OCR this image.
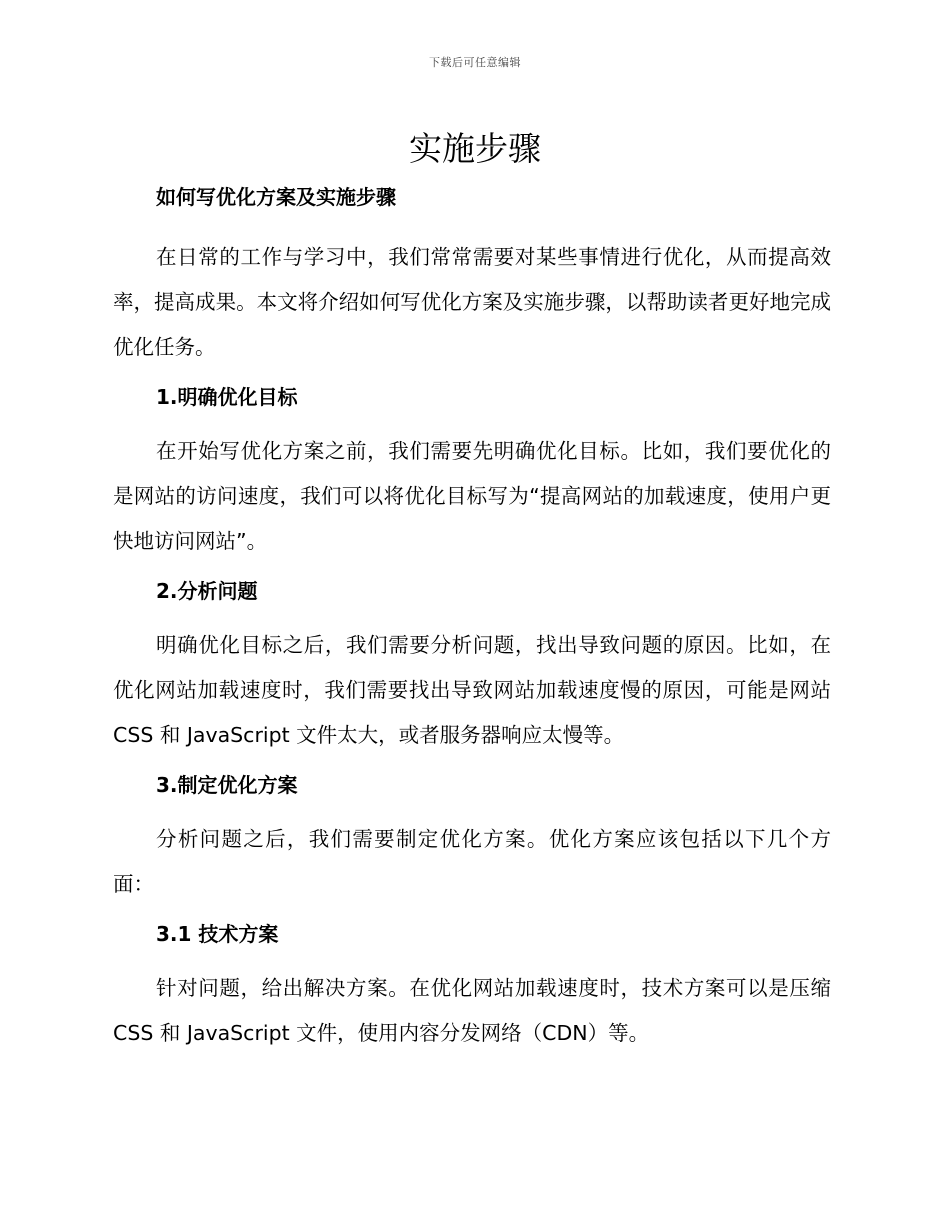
下载后可任意编辑
实施步骤

如何写优化方案及实施步骤

在日常的工作与学习中，我们常常需要对某些事情进行优化，从而提高效率，提高成果。本文将介绍如何写优化方案及实施步骤，以帮助读者更好地完成优化任务。

1.明确优化目标

在开始写优化方案之前，我们需要先明确优化目标。比如，我们要优化的是网站的访问速度，我们可以将优化目标写为“提高网站的加载速度，使用户更快地访问网站”。

2.分析问题

明确优化目标之后，我们需要分析问题，找出导致问题的原因。比如，在优化网站加载速度时，我们需要找出导致网站加载速度慢的原因，可能是网站 CSS 和 JavaScript 文件太大，或者服务器响应太慢等。

3.制定优化方案

分析问题之后，我们需要制定优化方案。优化方案应该包括以下几个方面：

3.1 技术方案

针对问题，给出解决方案。在优化网站加载速度时，技术方案可以是压缩 CSS 和 JavaScript 文件，使用内容分发网络（CDN）等。
